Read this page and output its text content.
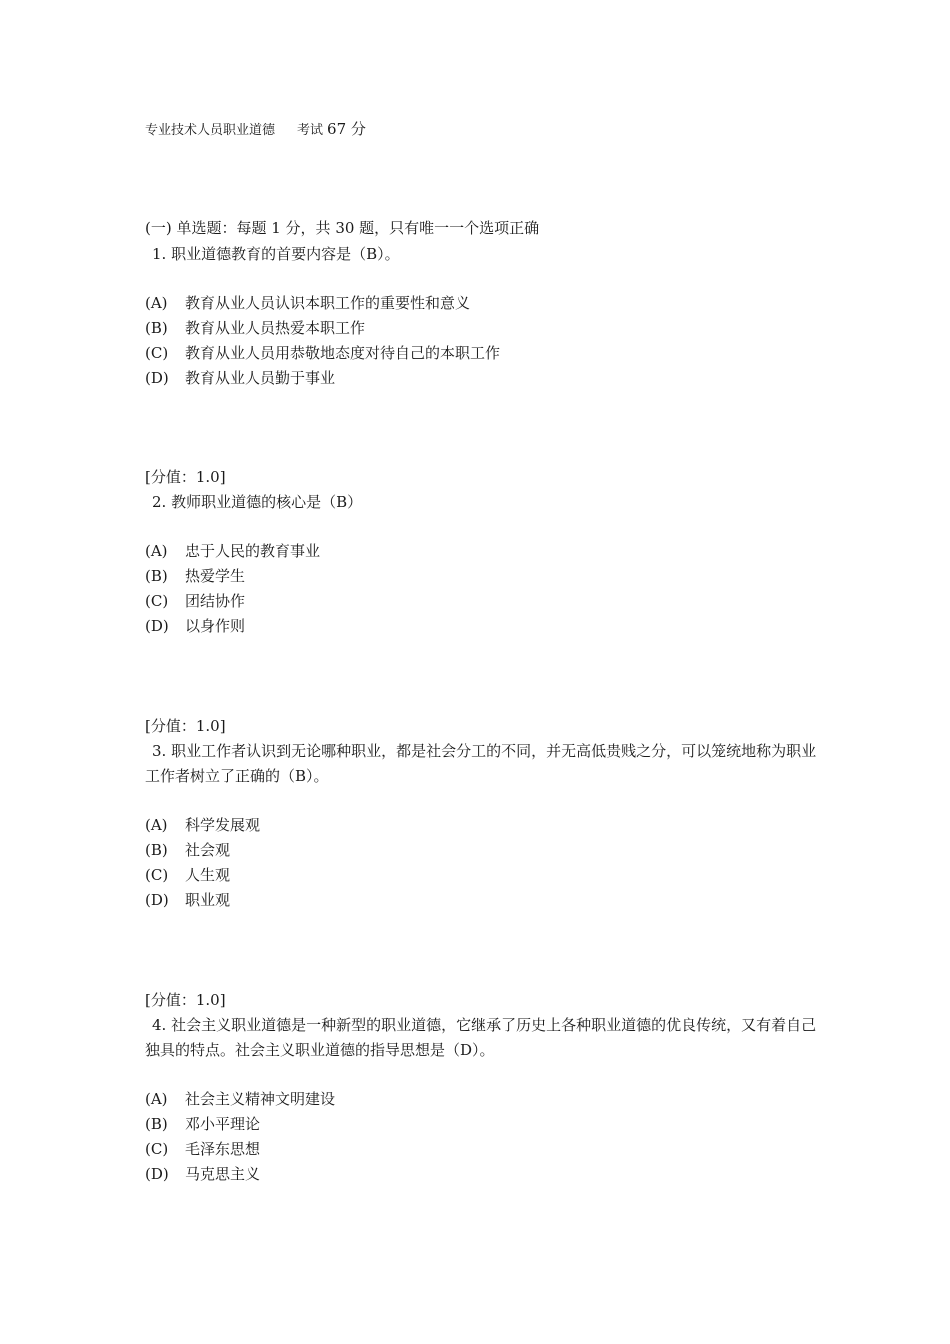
专业技术人员职业道德 考试 67 分
(一) 单选题：每题 1 分，共 30 题，只有唯一一个选项正确

1. 职业道德教育的首要内容是（B）。

(A)	教育从业人员认识本职工作的重要性和意义
(B)	教育从业人员热爱本职工作
(C)	教育从业人员用恭敬地态度对待自己的本职工作
(D)	教育从业人员勤于事业
[分值：1.0]

2. 教师职业道德的核心是（B）

(A)	忠于人民的教育事业
(B)	热爱学生
(C)	团结协作
(D)	以身作则
[分值：1.0]

3. 职业工作者认识到无论哪种职业，都是社会分工的不同，并无高低贵贱之分，可以笼统地称为职业工作者树立了正确的（B）。

(A)	科学发展观
(B)	社会观
(C)	人生观
(D)	职业观
[分值：1.0]

4. 社会主义职业道德是一种新型的职业道德，它继承了历史上各种职业道德的优良传统，又有着自己独具的特点。社会主义职业道德的指导思想是（D）。

(A)	社会主义精神文明建设
(B)	邓小平理论
(C)	毛泽东思想
(D)	马克思主义
